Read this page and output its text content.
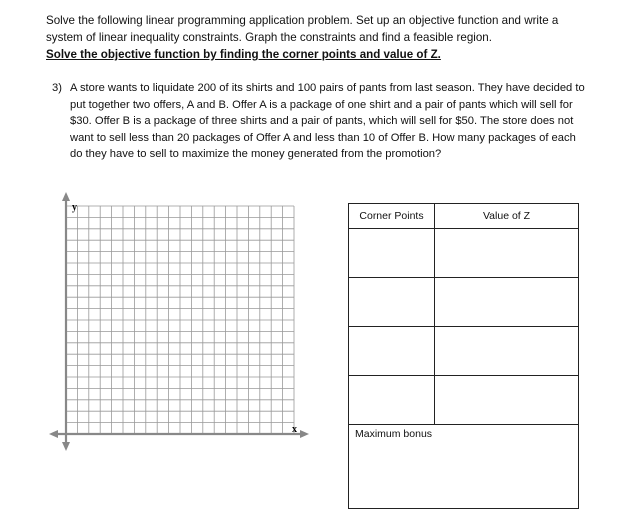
Solve the following linear programming application problem. Set up an objective function and write a
system of linear inequality constraints. Graph the constraints and find a feasible region.
Solve the objective function by finding the corner points and value of Z.
3) A store wants to liquidate 200 of its shirts and 100 pairs of pants from last season. They have decided to put together two offers, A and B. Offer A is a package of one shirt and a pair of pants which will sell for $30. Offer B is a package of three shirts and a pair of pants, which will sell for $50. The store does not want to sell less than 20 packages of Offer A and less than 10 of Offer B. How many packages of each do they have to sell to maximize the money generated from the promotion?
y
x
Corner Points	Value of Z

Maximum bonus	
